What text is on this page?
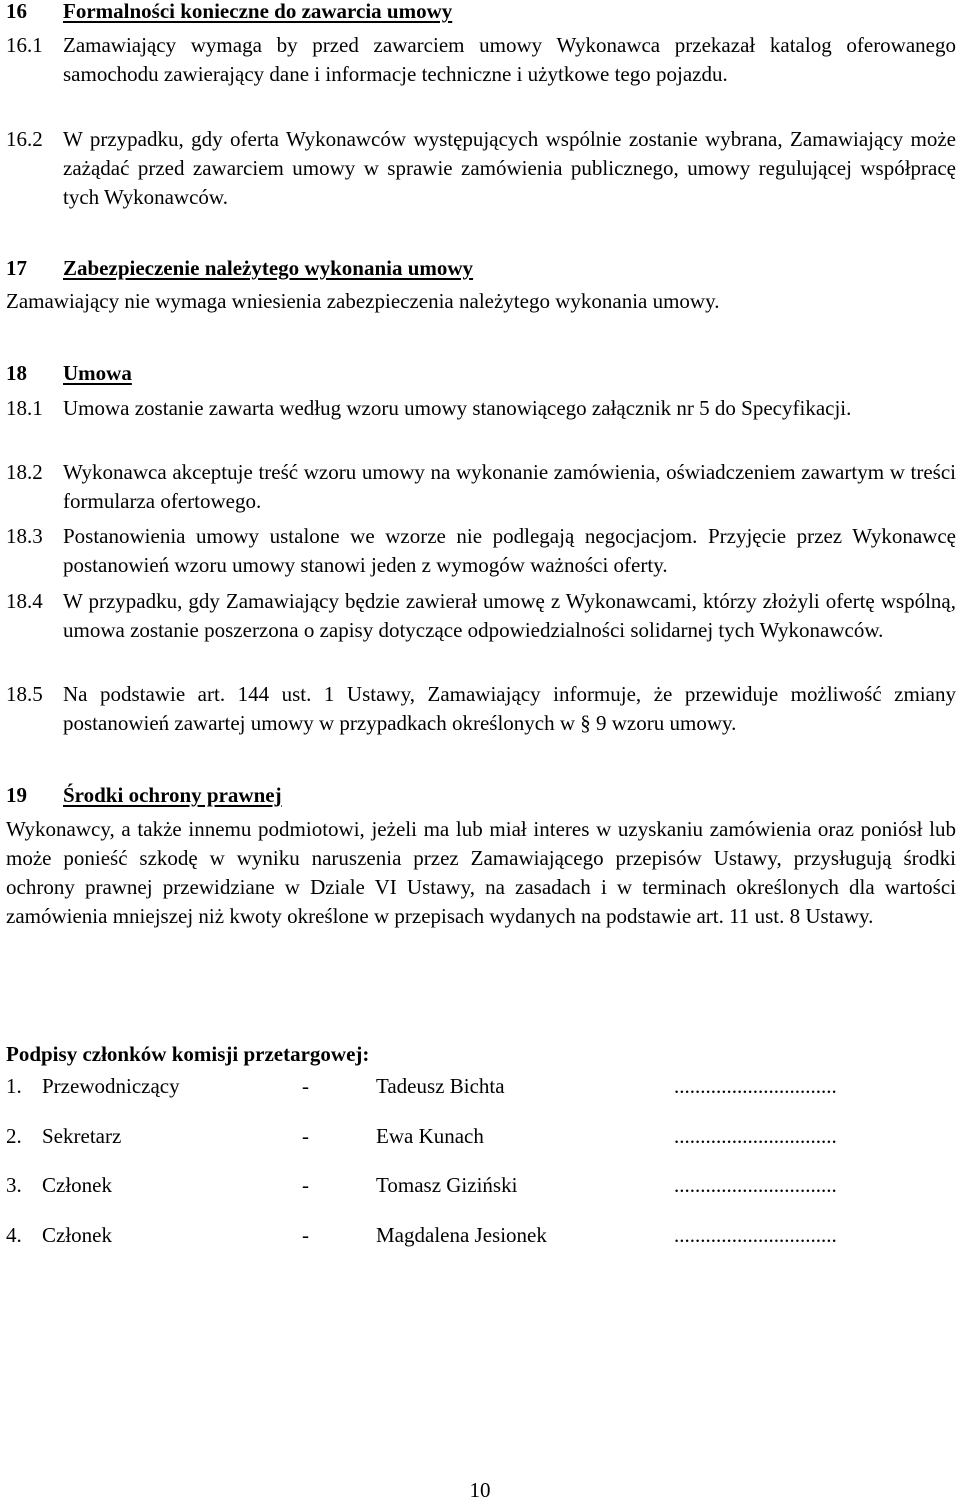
16 Formalności konieczne do zawarcia umowy
16.1 Zamawiający wymaga by przed zawarciem umowy Wykonawca przekazał katalog oferowanego samochodu zawierający dane i informacje techniczne i użytkowe tego pojazdu.
16.2 W przypadku, gdy oferta Wykonawców występujących wspólnie zostanie wybrana, Zamawiający może zażądać przed zawarciem umowy w sprawie zamówienia publicznego, umowy regulującej współpracę tych Wykonawców.
17 Zabezpieczenie należytego wykonania umowy
Zamawiający nie wymaga wniesienia zabezpieczenia należytego wykonania umowy.
18 Umowa
18.1 Umowa zostanie zawarta według wzoru umowy stanowiącego załącznik nr 5 do Specyfikacji.
18.2 Wykonawca akceptuje treść wzoru umowy na wykonanie zamówienia, oświadczeniem zawartym w treści formularza ofertowego.
18.3 Postanowienia umowy ustalone we wzorze nie podlegają negocjacjom. Przyjęcie przez Wykonawcę postanowień wzoru umowy stanowi jeden z wymogów ważności oferty.
18.4 W przypadku, gdy Zamawiający będzie zawierał umowę z Wykonawcami, którzy złożyli ofertę wspólną, umowa zostanie poszerzona o zapisy dotyczące odpowiedzialności solidarnej tych Wykonawców.
18.5 Na podstawie art. 144 ust. 1 Ustawy, Zamawiający informuje, że przewiduje możliwość zmiany postanowień zawartej umowy w przypadkach określonych w § 9 wzoru umowy.
19 Środki ochrony prawnej
Wykonawcy, a także innemu podmiotowi, jeżeli ma lub miał interes w uzyskaniu zamówienia oraz poniósł lub może ponieść szkodę w wyniku naruszenia przez Zamawiającego przepisów Ustawy, przysługują środki ochrony prawnej przewidziane w Dziale VI Ustawy, na zasadach i w terminach określonych dla wartości zamówienia mniejszej niż kwoty określone w przepisach wydanych na podstawie art. 11 ust. 8 Ustawy.
Podpisy członków komisji przetargowej:
1. Przewodniczący	-	Tadeusz Bichta	...............................
2. Sekretarz	-	Ewa Kunach	...............................
3. Członek	-	Tomasz Giziński	...............................
4. Członek	-	Magdalena Jesionek	...............................
10
